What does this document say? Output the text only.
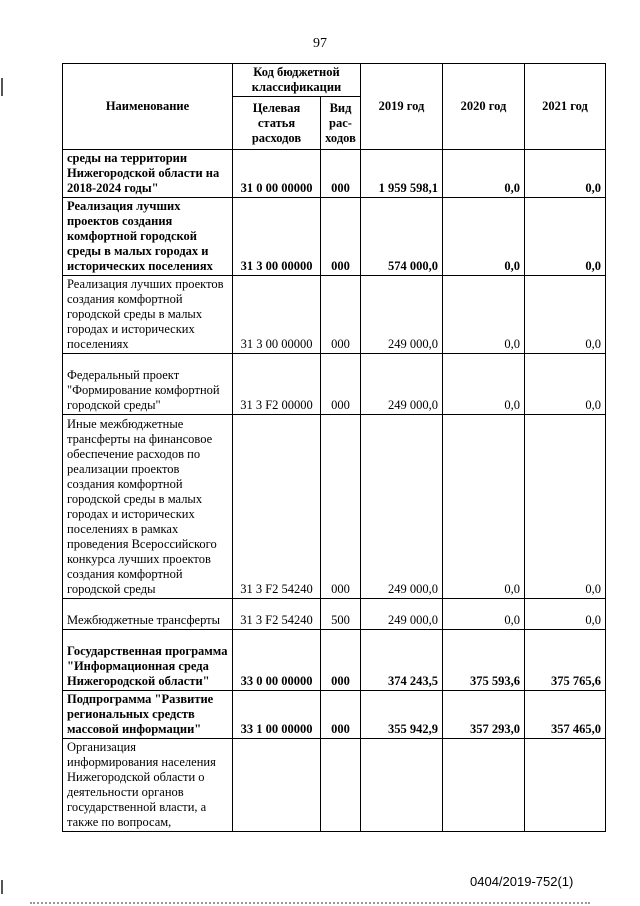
97
Наименование	Код бюджетной классификации		2019 год	2020 год	2021 год
	Целевая статья расходов	Вид рас-ходов			
среды на территории Нижегородской области на 2018-2024 годы"	31 0 00 00000	000	1 959 598,1	0,0	0,0
Реализация лучших проектов создания комфортной городской среды в малых городах и исторических поселениях	31 3 00 00000	000	574 000,0	0,0	0,0
Реализация лучших проектов создания комфортной городской среды в малых городах и исторических поселениях	31 3 00 00000	000	249 000,0	0,0	0,0
Федеральный проект "Формирование комфортной городской среды"	31 3 F2 00000	000	249 000,0	0,0	0,0
Иные межбюджетные трансферты на финансовое обеспечение расходов по реализации проектов создания комфортной городской среды в малых городах и исторических поселениях в рамках проведения Всероссийского конкурса лучших проектов создания комфортной городской среды	31 3 F2 54240	000	249 000,0	0,0	0,0
Межбюджетные трансферты	31 3 F2 54240	500	249 000,0	0,0	0,0
Государственная программа "Информационная среда Нижегородской области"	33 0 00 00000	000	374 243,5	375 593,6	375 765,6
Подпрограмма "Развитие региональных средств массовой информации"	33 1 00 00000	000	355 942,9	357 293,0	357 465,0
Организация информирования населения Нижегородской области о деятельности органов государственной власти, а также по вопросам,					
0404/2019-752(1)
